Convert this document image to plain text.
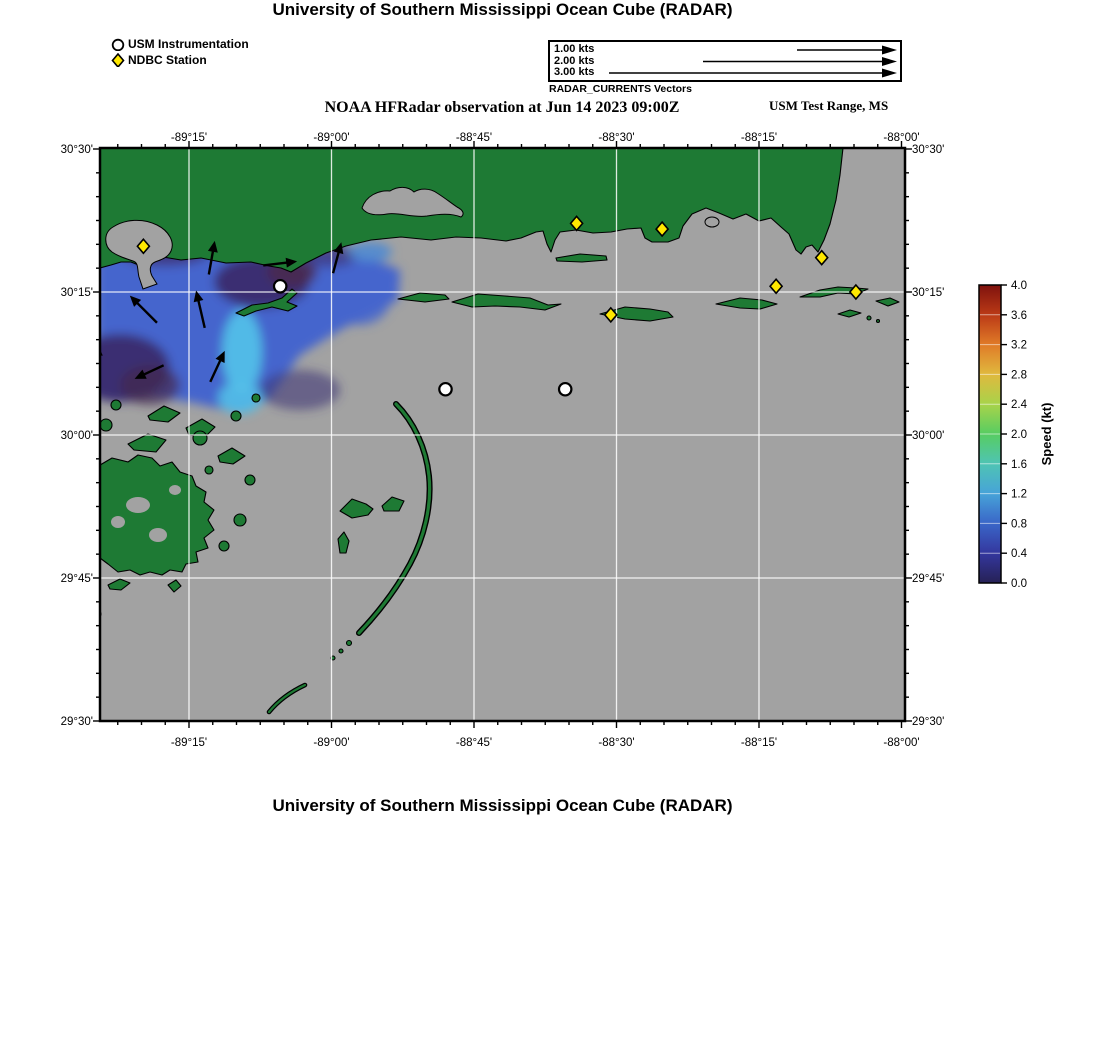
-89°15'
-89°15'
-89°00'
-89°00'
-88°45'
-88°45'
-88°30'
-88°30'
-88°15'
-88°15'
-88°00'
-88°00'
30°30'	30°30'
30°15'	30°15'
30°00'	30°00'
29°45'	29°45'
29°30'	29°30'
0.0
0.4
0.8
1.2
1.6
2.0
2.4
2.8
3.2
3.6
4.0
Speed (kt)
University of Southern Mississippi Ocean Cube (RADAR)
USM Instrumentation
NDBC Station
1.00 kts
2.00 kts
3.00 kts
RADAR_CURRENTS Vectors
NOAA HFRadar observation at Jun 14 2023 09:00Z	USM Test Range, MS
University of Southern Mississippi Ocean Cube (RADAR)
